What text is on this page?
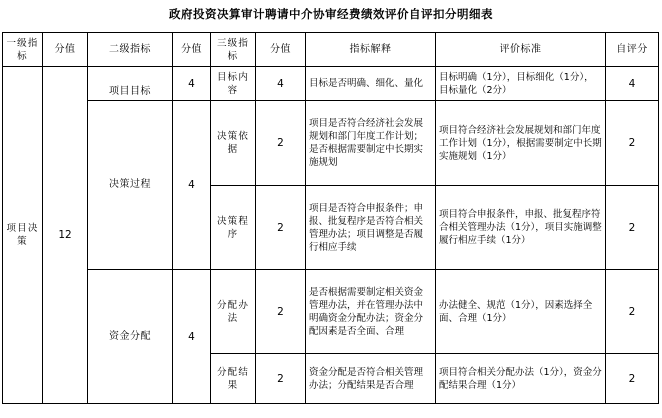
政府投资决算审计聘请中介协审经费绩效评价自评扣分明细表
一级指标	分值	二级指标	分值	三级指标	分值	指标解释	评价标准	自评分
项目决策	12	项目目标	4	目标内容	4	目标是否明确、细化、量化	目标明确（1分），目标细化（1分），目标量化（2分）	4
		决策过程	4	决策依据	2	项目是否符合经济社会发展规划和部门年度工作计划；是否根据需要制定中长期实施规划	项目符合经济社会发展规划和部门年度工作计划（1分），根据需要制定中长期实施规划（1分）	2
				决策程序	2	项目是否符合申报条件；申报、批复程序是否符合相关管理办法；项目调整是否履行相应手续	项目符合申报条件，申报、批复程序符合相关管理办法（1分），项目实施调整履行相应手续（1分）	2
		资金分配	4	分配办法	2	是否根据需要制定相关资金管理办法，并在管理办法中明确资金分配办法；资金分配因素是否全面、合理	办法健全、规范（1分），因素选择全面、合理（1分）	2
				分配结果	2	资金分配是否符合相关管理办法；分配结果是否合理	项目符合相关分配办法（1分），资金分配结果合理（1分）	2
